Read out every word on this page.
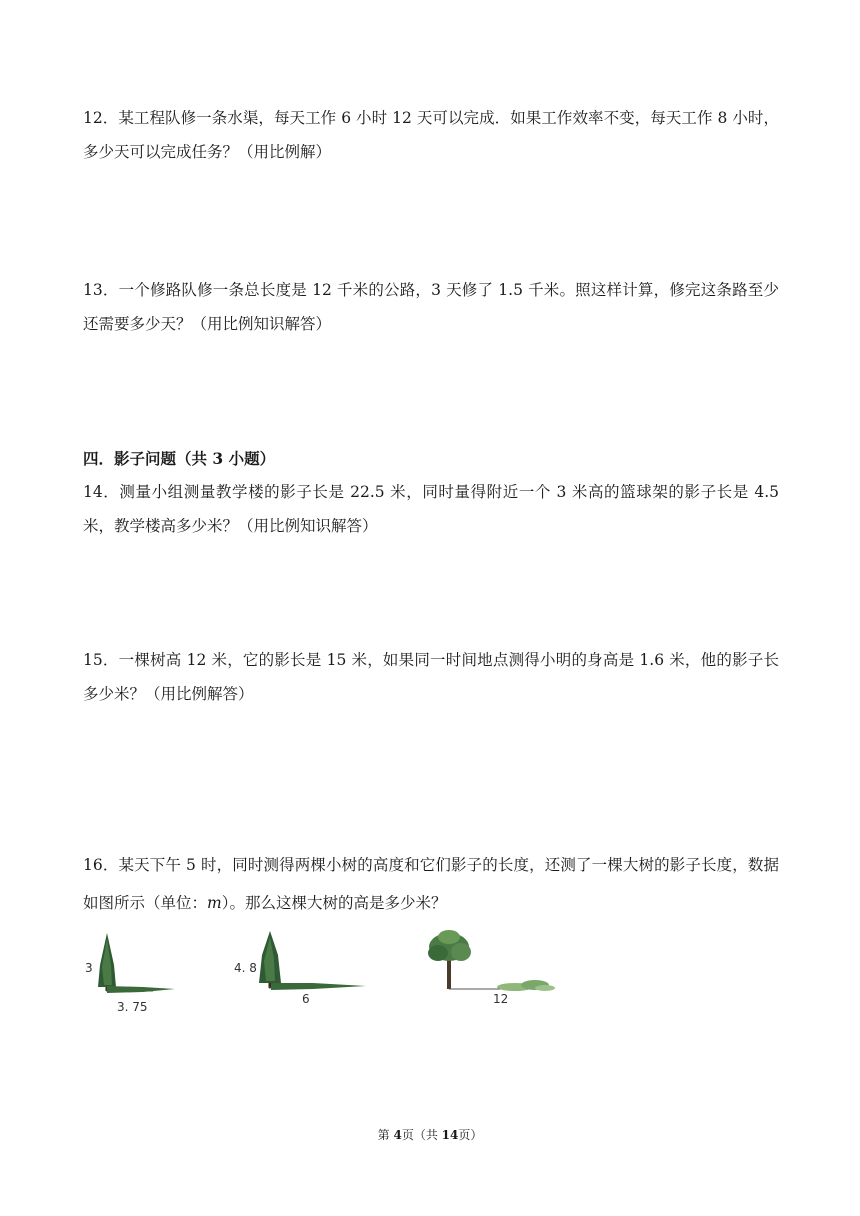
12．某工程队修一条水渠，每天工作 6 小时 12 天可以完成．如果工作效率不变，每天工作 8 小时，多少天可以完成任务？（用比例解）
13．一个修路队修一条总长度是 12 千米的公路，3 天修了 1.5 千米。照这样计算，修完这条路至少还需要多少天？（用比例知识解答）
四．影子问题（共 3 小题）
14．测量小组测量教学楼的影子长是 22.5 米，同时量得附近一个 3 米高的篮球架的影子长是 4.5 米，教学楼高多少米？（用比例知识解答）
15．一棵树高 12 米，它的影长是 15 米，如果同一时间地点测得小明的身高是 1.6 米，他的影子长多少米？（用比例解答）
16．某天下午 5 时，同时测得两棵小树的高度和它们影子的长度，还测了一棵大树的影子长度，数据如图所示（单位：m）。那么这棵大树的高是多少米？
3
3. 75
4. 8
6	12
第 4页（共 14页）
